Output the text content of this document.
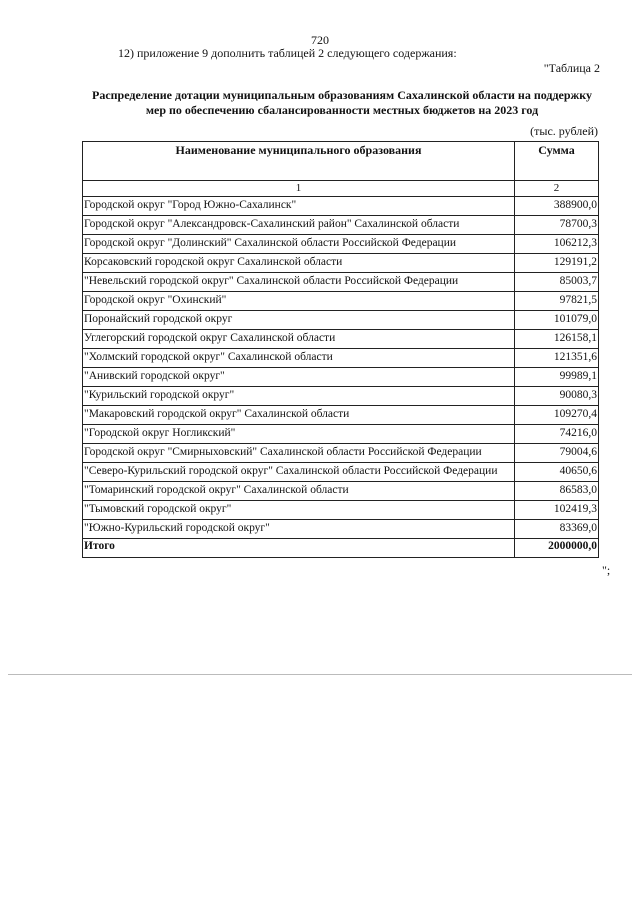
720
12) приложение 9 дополнить таблицей 2 следующего содержания:
"Таблица 2
Распределение дотации муниципальным образованиям Сахалинской области на поддержку мер по обеспечению сбалансированности местных бюджетов на 2023 год
(тыс. рублей)
Наименование муниципального образования	Сумма
1	2
Городской округ "Город Южно-Сахалинск"	388900,0
Городской округ "Александровск-Сахалинский район" Сахалинской области	78700,3
Городской округ "Долинский" Сахалинской области Российской Федерации	106212,3
Корсаковский городской округ Сахалинской области	129191,2
"Невельский городской округ" Сахалинской области Российской Федерации	85003,7
Городской округ "Охинский"	97821,5
Поронайский городской округ	101079,0
Углегорский городской округ Сахалинской области	126158,1
"Холмский городской округ" Сахалинской области	121351,6
"Анивский городской округ"	99989,1
"Курильский городской округ"	90080,3
"Макаровский городской округ" Сахалинской области	109270,4
"Городской округ Ногликский"	74216,0
Городской округ "Смирныховский" Сахалинской области Российской Федерации	79004,6
"Северо-Курильский городской округ" Сахалинской области Российской Федерации	40650,6
"Томаринский городской округ" Сахалинской области	86583,0
"Тымовский городской округ"	102419,3
"Южно-Курильский городской округ"	83369,0
Итого	2000000,0
";
